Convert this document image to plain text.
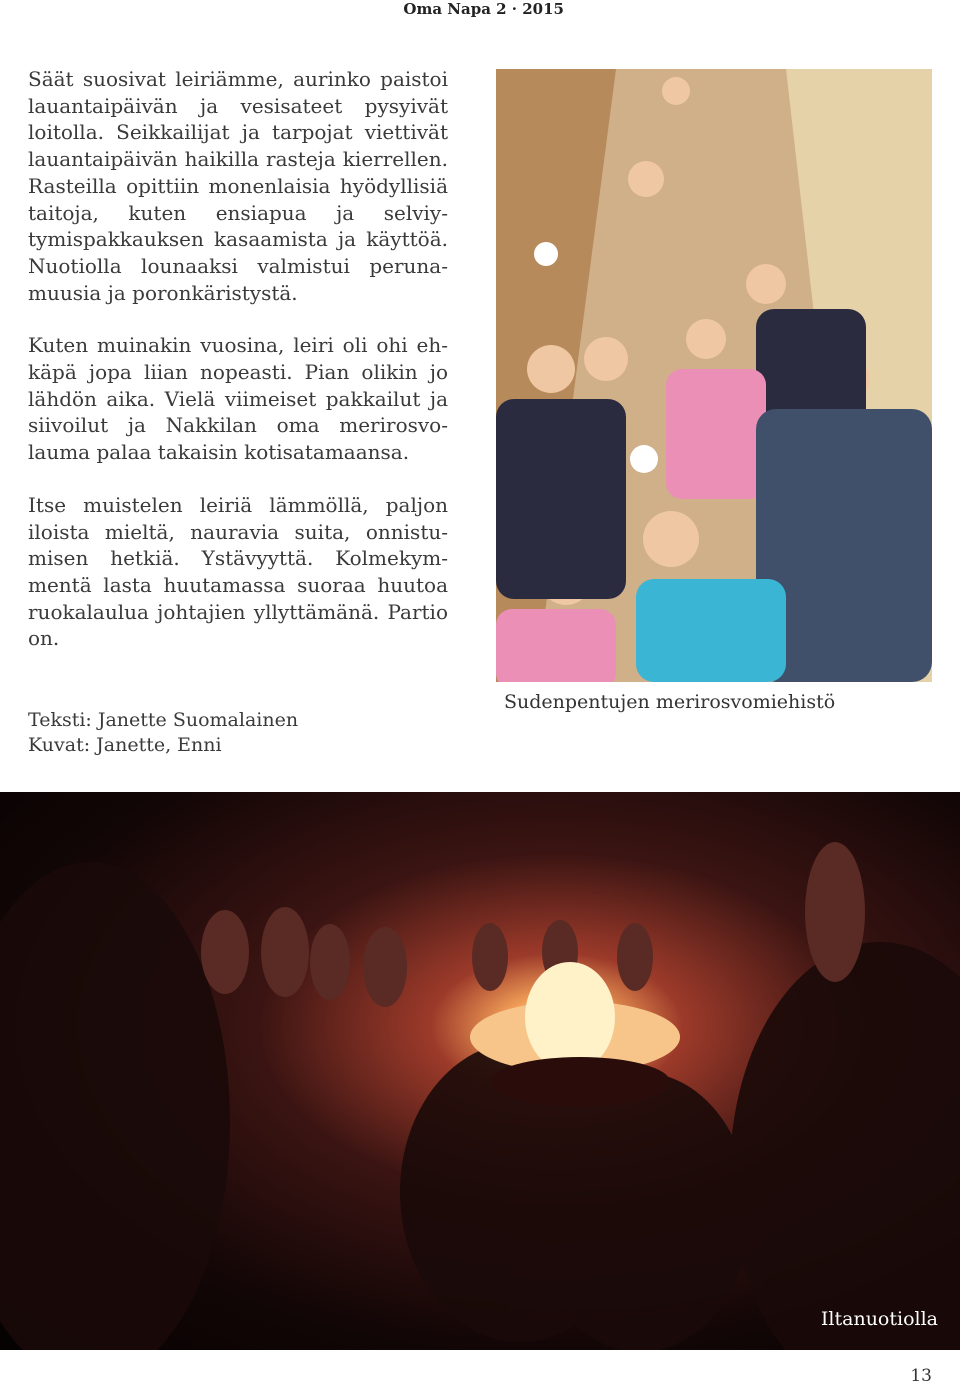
Oma Napa 2 · 2015

Säät suosivat leiriämme, aurinko paistoi lauantaipäivän ja vesisateet pysyivät loitolla. Seikkailijat ja tarpojat viettivät lauantaipäivän haikilla rasteja kierrellen. Rasteilla opittiin monenlaisia hyödyllisiä taitoja, kuten ensiapua ja selviytymispakkauksen kasaamista ja käyttöä. Nuotiolla lounaaksi valmistui perunamuusia ja poronkäristystä.

Kuten muinakin vuosina, leiri oli ohi ehkäpä jopa liian nopeasti. Pian olikin jo lähdön aika. Vielä viimeiset pakkailut ja siivoilut ja Nakkilan oma merirosvolauma palaa takaisin kotisatamaansa.

Itse muistelen leiriä lämmöllä, paljon iloista mieltä, nauravia suita, onnistumisen hetkiä. Ystävyyttä. Kolmekymmentä lasta huutamassa suoraa huutoa ruokalaulua johtajien yllyttämänä. Partio on.

Teksti: Janette Suomalainen
Kuvat: Janette, Enni
Sudenpentujen merirosvomiehistö
Iltanuotiolla
13
